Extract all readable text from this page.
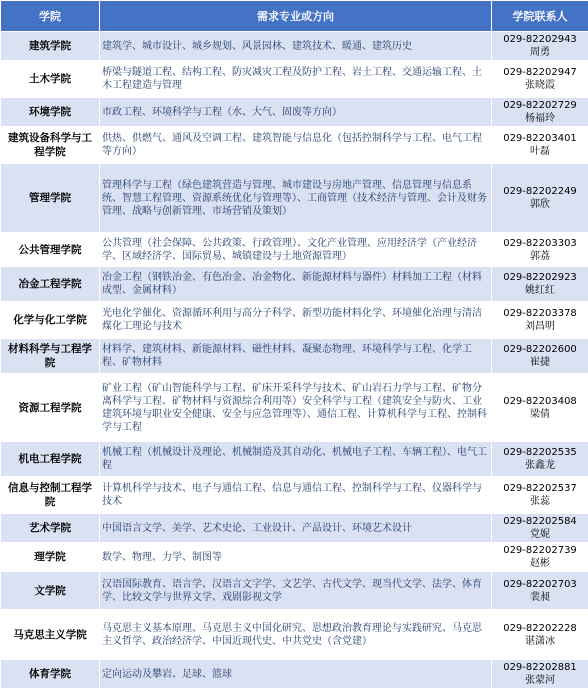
学院	需求专业或方向	学院联系人
建筑学院	建筑学、城市设计、城乡规划、风景园林、建筑技术、暖通、建筑历史	029-82202943
周勇

土木学院	桥梁与隧道工程、结构工程、防灾减灾工程及防护工程、岩土工程、交通运输工程、土木工程建造与管理	029-82202947
张晓霞

环境学院	市政工程、环境科学与工程（水、大气、固废等方向）	029-82202729
杨福玲

建筑设备科学与工程学院	供热、供燃气、通风及空调工程、建筑智能与信息化（包括控制科学与工程、电气工程等方向）	029-82203401
叶磊

管理学院	管理科学与工程（绿色建筑营造与管理、城市建设与房地产管理、信息管理与信息系统、智慧工程管理、资源系统优化与管理等）、工商管理（技术经济与管理、会计及财务管理、战略与创新管理、市场营销及策划）	029-82202249
郭欣

公共管理学院	公共管理（社会保障、公共政策、行政管理）、文化产业管理、应用经济学（产业经济学、区域经济学、国际贸易、城镇建设与土地资源管理）	029-82203303
郭荔

冶金工程学院	冶金工程（钢铁冶金、有色冶金、冶金物化、新能源材料与器件）材料加工工程（材料成型、金属材料）	029-82202923
姚红红

化学与化工学院	光电化学催化、资源循环利用与高分子科学、新型功能材料化学、环境催化治理与清洁煤化工理论与技术	029-82203378
刘昌明

材料科学与工程学院	材料学、建筑材料、新能源材料、磁性材料、凝聚态物理、环境科学与工程、化学工程、矿物材料	029-82202600
崔捷

资源工程学院	矿业工程（矿山智能科学与工程、矿床开采科学与技术、矿山岩石力学与工程、矿物分离科学与工程、矿物材料与资源综合利用等）安全科学与工程（建筑安全与防火、工业建筑环境与职业安全健康、安全与应急管理等）、通信工程、计算机科学与工程、控制科学与工程	029-82203408
梁倩

机电工程学院	机械工程（机械设计及理论、机械制造及其自动化、机械电子工程、车辆工程）、电气工程	029-82202535
张鑫龙

信息与控制工程学院	计算机科学与技术、电子与通信工程、信息与通信工程、控制科学与工程、仪器科学与技术	029-82202537
张蕊

艺术学院	中国语言文学、美学、艺术史论、工业设计、产品设计、环境艺术设计	029-82202584
党妮

理学院	数学、物理、力学、制图等	029-82202739
赵彬

文学院	汉语国际教育、语言学、汉语言文字学、文艺学、古代文学、现当代文学、法学、体育学、比较文学与世界文学、戏剧影视文学	029-82202703
裴昶

马克思主义学院	马克思主义基本原理、马克思主义中国化研究、思想政治教育理论与实践研究、马克思主义哲学、政治经济学、中国近现代史、中共党史（含党建）	029-82202228
谌潇冰

体育学院	定向运动及攀岩、足球、篮球	029-82202881
张蒙河
